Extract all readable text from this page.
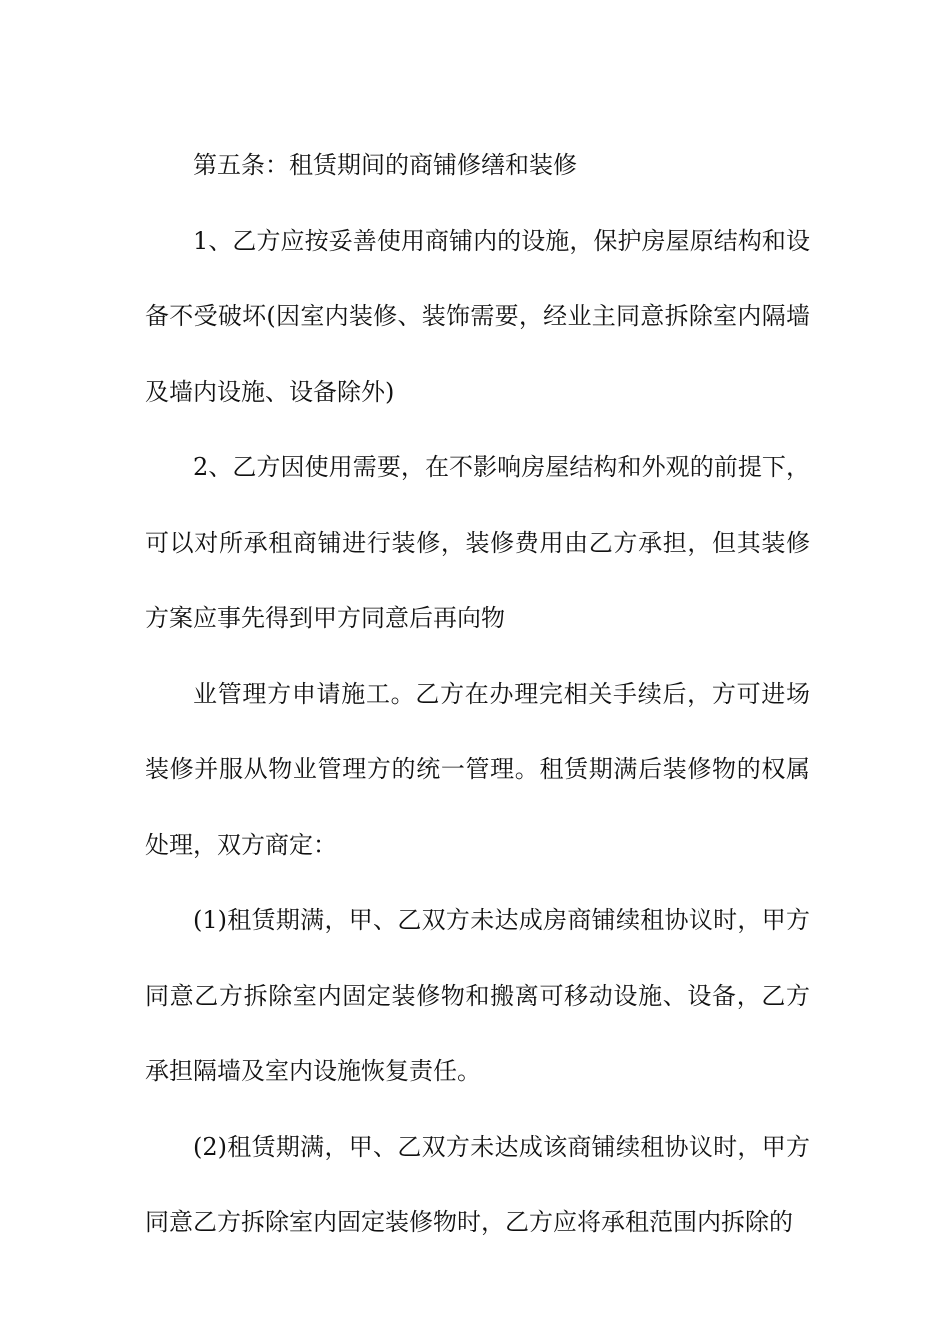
第五条：租赁期间的商铺修缮和装修

1、乙方应按妥善使用商铺内的设施，保护房屋原结构和设备不受破坏(因室内装修、装饰需要，经业主同意拆除室内隔墙及墙内设施、设备除外)

2、乙方因使用需要，在不影响房屋结构和外观的前提下，可以对所承租商铺进行装修，装修费用由乙方承担，但其装修方案应事先得到甲方同意后再向物

业管理方申请施工。乙方在办理完相关手续后，方可进场装修并服从物业管理方的统一管理。租赁期满后装修物的权属处理，双方商定：

(1)租赁期满，甲、乙双方未达成房商铺续租协议时，甲方同意乙方拆除室内固定装修物和搬离可移动设施、设备，乙方承担隔墙及室内设施恢复责任。

(2)租赁期满，甲、乙双方未达成该商铺续租协议时，甲方同意乙方拆除室内固定装修物时，乙方应将承租范围内拆除的
